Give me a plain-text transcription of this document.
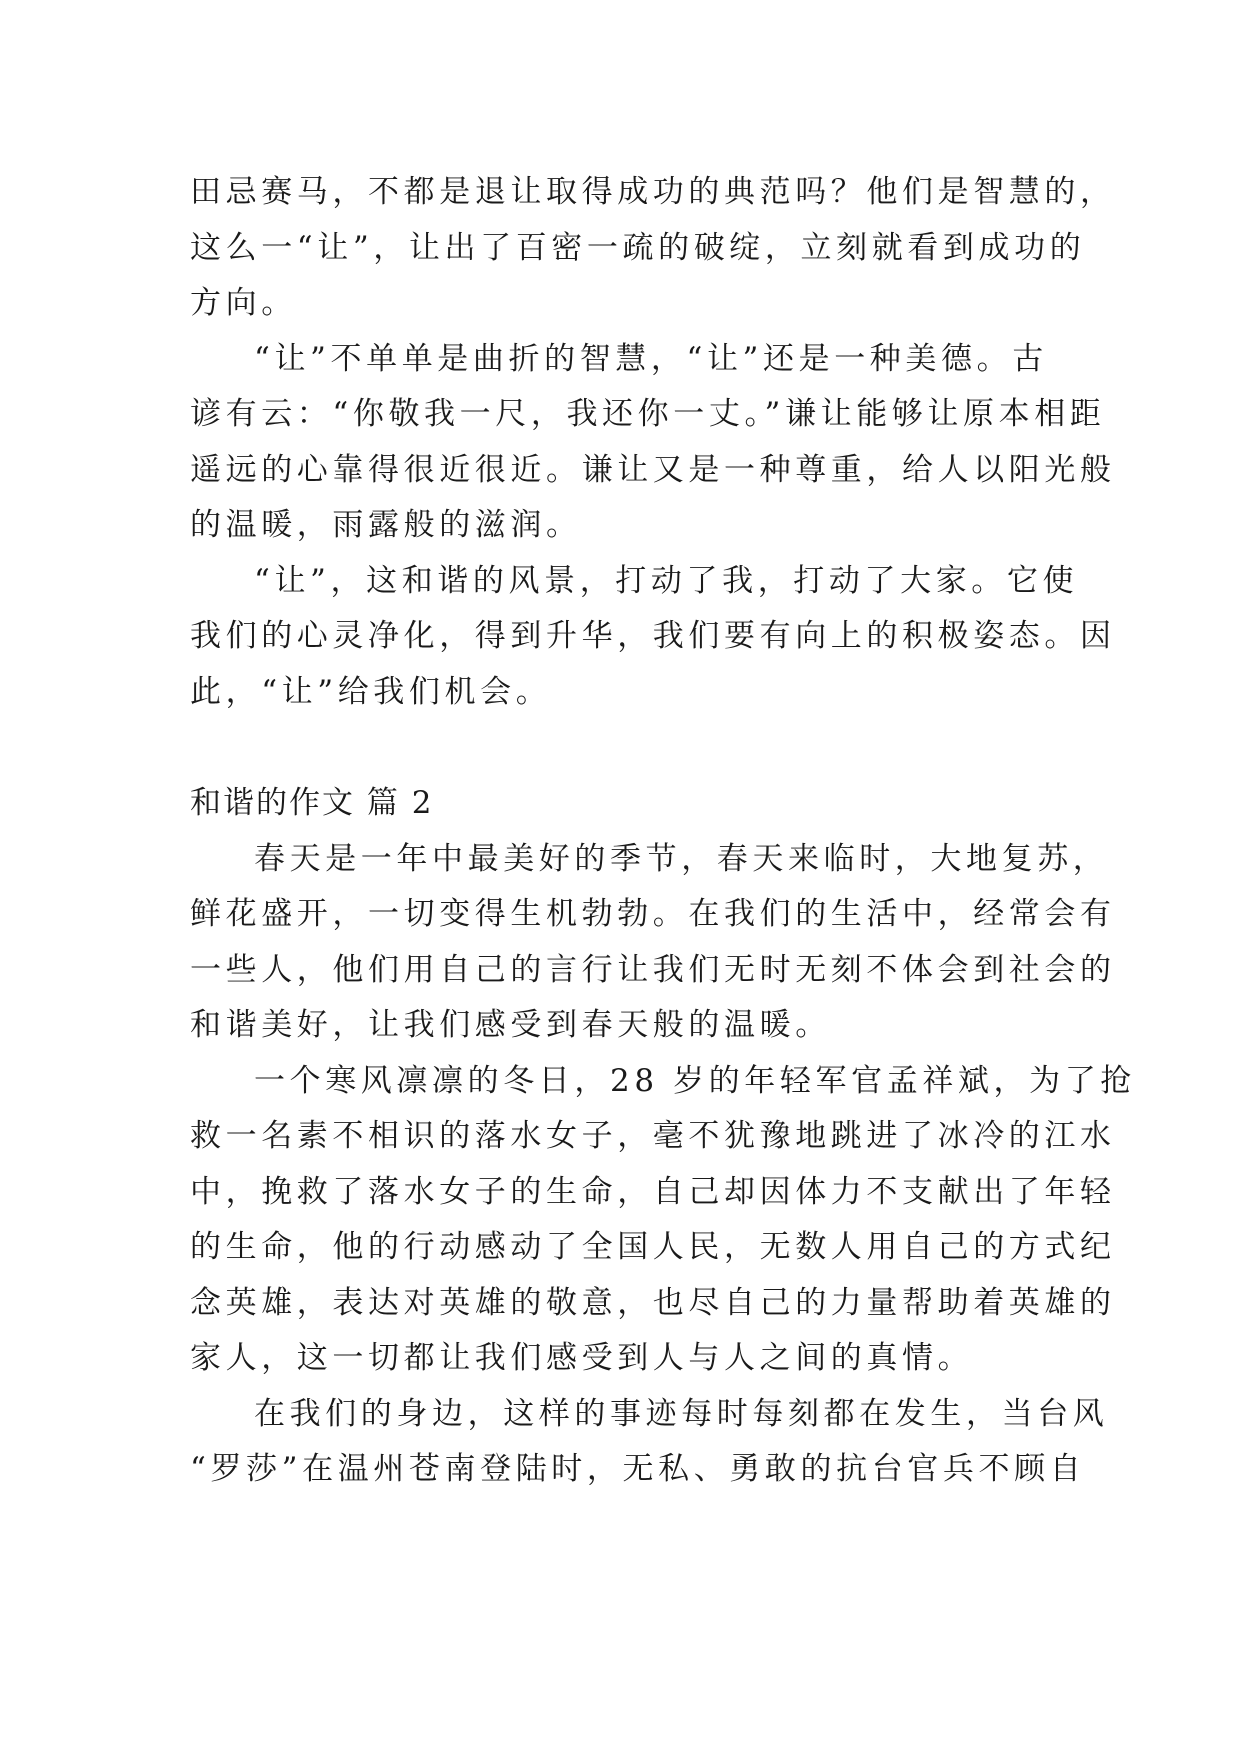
田忌赛马，不都是退让取得成功的典范吗？他们是智慧的，
这么一“让”，让出了百密一疏的破绽，立刻就看到成功的
方向。
“让”不单单是曲折的智慧，“让”还是一种美德。古
谚有云：“你敬我一尺，我还你一丈。”谦让能够让原本相距
遥远的心靠得很近很近。谦让又是一种尊重，给人以阳光般
的温暖，雨露般的滋润。
“让”，这和谐的风景，打动了我，打动了大家。它使
我们的心灵净化，得到升华，我们要有向上的积极姿态。因
此，“让”给我们机会。
和谐的作文 篇 2
春天是一年中最美好的季节，春天来临时，大地复苏，
鲜花盛开，一切变得生机勃勃。在我们的生活中，经常会有
一些人，他们用自己的言行让我们无时无刻不体会到社会的
和谐美好，让我们感受到春天般的温暖。
一个寒风凛凛的冬日，28 岁的年轻军官孟祥斌，为了抢
救一名素不相识的落水女子，毫不犹豫地跳进了冰冷的江水
中，挽救了落水女子的生命，自己却因体力不支献出了年轻
的生命，他的行动感动了全国人民，无数人用自己的方式纪
念英雄，表达对英雄的敬意，也尽自己的力量帮助着英雄的
家人，这一切都让我们感受到人与人之间的真情。
在我们的身边，这样的事迹每时每刻都在发生，当台风
“罗莎”在温州苍南登陆时，无私、勇敢的抗台官兵不顾自
